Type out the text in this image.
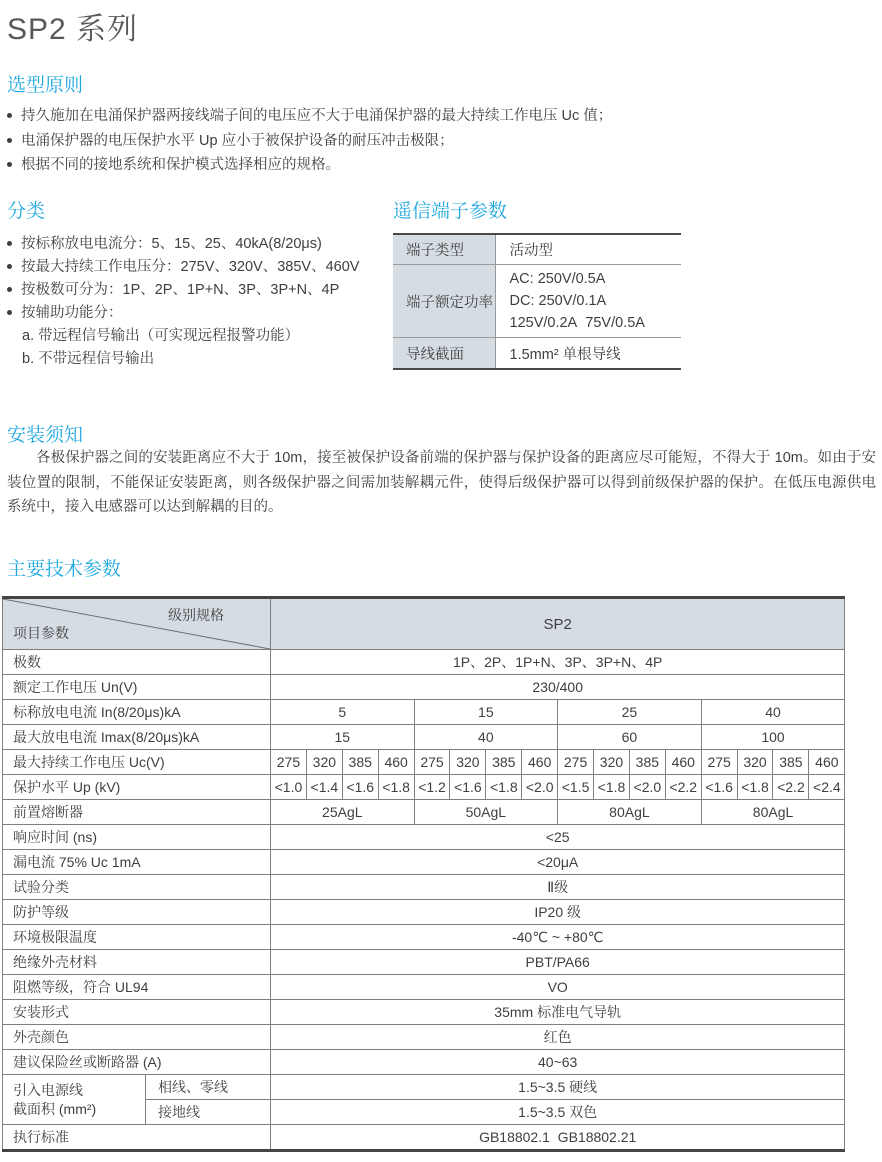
SP2 系列
选型原则
持久施加在电涌保护器两接线端子间的电压应不大于电涌保护器的最大持续工作电压 Uc 值；
电涌保护器的电压保护水平 Up 应小于被保护设备的耐压冲击极限；
根据不同的接地系统和保护模式选择相应的规格。
分类
按标称放电电流分：5、15、25、40kA(8/20μs)
按最大持续工作电压分：275V、320V、385V、460V
按极数可分为：1P、2P、1P+N、3P、3P+N、4P
按辅助功能分：
a. 带远程信号输出（可实现远程报警功能）
b. 不带远程信号输出
遥信端子参数
端子类型	活动型
端子额定功率	AC: 250V/0.5A
DC: 250V/0.1A
125V/0.2A  75V/0.5A

导线截面	1.5mm² 单根导线
安装须知

各极保护器之间的安装距离应不大于 10m，接至被保护设备前端的保护器与保护设备的距离应尽可能短，不得大于 10m。如由于安装位置的限制，不能保证安装距离，则各级保护器之间需加装解耦元件，使得后级保护器可以得到前级保护器的保护。在低压电源供电系统中，接入电感器可以达到解耦的目的。

主要技术参数
级别规格
项目参数		SP2															
极数		1P、2P、1P+N、3P、3P+N、4P															
额定工作电压 Un(V)		230/400															
标称放电电流 In(8/20μs)kA		5				15				25				40			
最大放电电流 Imax(8/20μs)kA		15				40				60				100			
最大持续工作电压 Uc(V)		275	320	385	460	275	320	385	460	275	320	385	460	275	320	385	460
保护水平 Up (kV)		<1.0	<1.4	<1.6	<1.8	<1.2	<1.6	<1.8	<2.0	<1.5	<1.8	<2.0	<2.2	<1.6	<1.8	<2.2	<2.4
前置熔断器		25AgL				50AgL				80AgL				80AgL			
响应时间 (ns)		<25															
漏电流 75% Uc 1mA		<20μA															
试验分类		Ⅱ级															
防护等级		IP20 级															
环境极限温度		-40℃ ~ +80℃															
绝缘外壳材料		PBT/PA66															
阻燃等级，符合 UL94		VO															
安装形式		35mm 标准电气导轨															
外壳颜色		红色															
建议保险丝或断路器 (A)		40~63															

引入电源线
截面积 (mm²)	相线、零线	1.5~3.5 硬线															
	接地线	1.5~3.5 双色															
执行标准		GB18802.1  GB18802.21															
